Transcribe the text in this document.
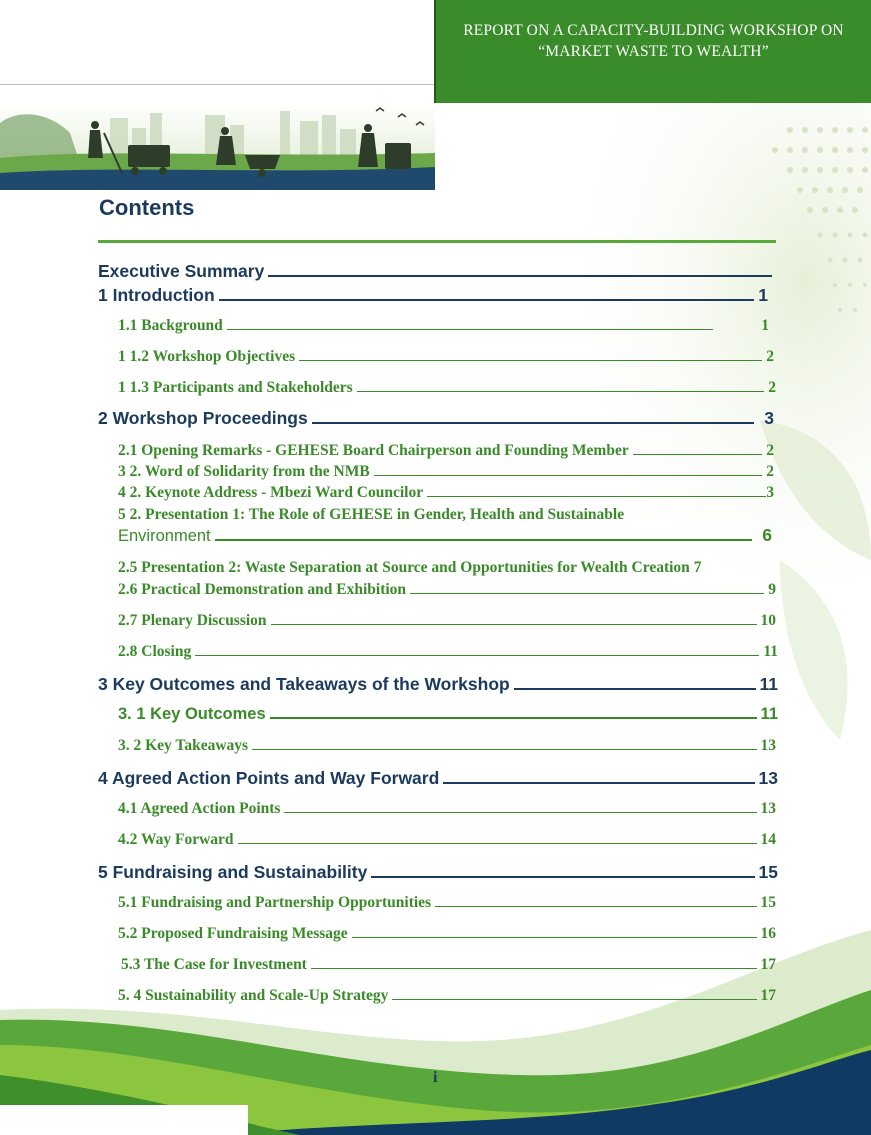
REPORT ON A CAPACITY-BUILDING WORKSHOP ON
“MARKET WASTE TO WEALTH”
Contents
Executive Summary
1 Introduction	1
1.1 Background	1
1 1.2 Workshop Objectives	2
1 1.3 Participants and Stakeholders	2
2 Workshop Proceedings	3
2.1 Opening Remarks - GEHESE Board Chairperson and Founding Member	2
3 2. Word of Solidarity from the NMB	2
4 2. Keynote Address - Mbezi Ward Councilor	3
5 2. Presentation 1: The Role of GEHESE in Gender, Health and Sustainable
Environment	6
2.5 Presentation 2: Waste Separation at Source and Opportunities for Wealth Creation 7
2.6 Practical Demonstration and Exhibition	9
2.7 Plenary Discussion	10
2.8 Closing	11
3 Key Outcomes and Takeaways of the Workshop	11
3. 1 Key Outcomes	11
3. 2 Key Takeaways	13
4 Agreed Action Points and Way Forward	13
4.1 Agreed Action Points	13
4.2 Way Forward	14
5 Fundraising and Sustainability	15
5.1 Fundraising and Partnership Opportunities	15
5.2 Proposed Fundraising Message	16
5.3 The Case for Investment	17
5. 4 Sustainability and Scale-Up Strategy	17
i
